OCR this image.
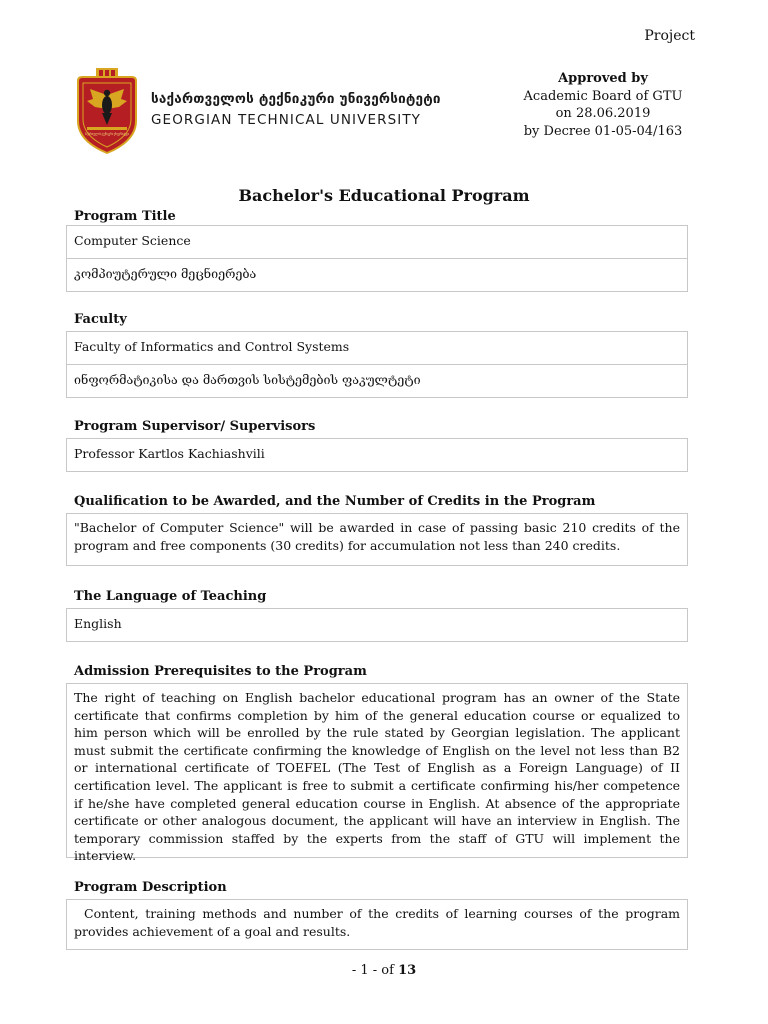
Project
საქართველოს ტექნიკური უნივერსიტეტი
საქართველოს ტექნიკური უნივერსიტეტი
GEORGIAN TECHNICAL UNIVERSITY
Approved by
Academic Board of GTU
on 28.06.2019
by Decree 01-05-04/163
Bachelor's Educational Program
Program Title
Computer Science
კომპიუტერული მეცნიერება
Faculty
Faculty of Informatics and Control Systems
ინფორმატიკისა და მართვის სისტემების ფაკულტეტი
Program Supervisor/ Supervisors
Professor Kartlos Kachiashvili
Qualification to be Awarded, and the Number of Credits in the Program
"Bachelor of Computer Science" will be awarded in case of passing basic 210 credits of the program and free components (30 credits) for accumulation not less than 240 credits.
The Language of Teaching
English
Admission Prerequisites to the Program
The right of teaching on English bachelor educational program has an owner of the State certificate that confirms completion by him of the general education course or equalized to him person which will be enrolled by the rule stated by Georgian legislation. The applicant must submit the certificate confirming the knowledge of English on the level not less than B2 or international certificate of TOEFEL (The Test of English as a Foreign Language) of II certification level. The applicant is free to submit a certificate confirming his/her competence if he/she have completed general education course in English. At absence of the appropriate certificate or other analogous document, the applicant will have an interview in English. The temporary commission staffed by the experts from the staff of GTU will implement the interview.
Program Description
Content, training methods and number of the credits of learning courses of the program provides achievement of a goal and results.
- 1 - of 13
